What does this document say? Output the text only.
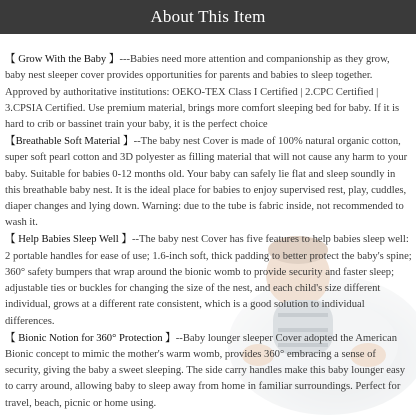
About This Item

【 Grow With the Baby 】---Babies need more attention and companionship as they grow, baby nest sleeper cover provides opportunities for parents and babies to sleep together. Approved by authoritative institutions: OEKO-TEX Class I Certified | 2.CPC Certified | 3.CPSIA Certified. Use premium material, brings more comfort sleeping bed for baby. If it is hard to crib or bassinet train your baby, it is the perfect choice

【Breathable Soft Material 】--The baby nest Cover is made of 100% natural organic cotton, super soft pearl cotton and 3D polyester as filling material that will not cause any harm to your baby. Suitable for babies 0-12 months old. Your baby can safely lie flat and sleep soundly in this breathable baby nest. It is the ideal place for babies to enjoy supervised rest, play, cuddles, diaper changes and lying down. Warning: due to the tube is fabric inside, not recommended to wash it.

【 Help Babies Sleep Well 】--The baby nest Cover has five features to help babies sleep well: 2 portable handles for ease of use; 1.6-inch soft, thick padding to better protect the baby's spine; 360° safety bumpers that wrap around the bionic womb to provide security and faster sleep; adjustable ties or buckles for changing the size of the nest, and each child's size different individual, grows at a different rate consistent, which is a good solution to individual differences.

【 Bionic Notion for 360° Protection 】--Baby lounger sleeper Cover adopted the American Bionic concept to mimic the mother's warm womb, provides 360° embracing a sense of security, giving the baby a sweet sleeping. The side carry handles make this baby lounger easy to carry around, allowing baby to sleep away from home in familiar surroundings. Perfect for travel, beach, picnic or home using.
